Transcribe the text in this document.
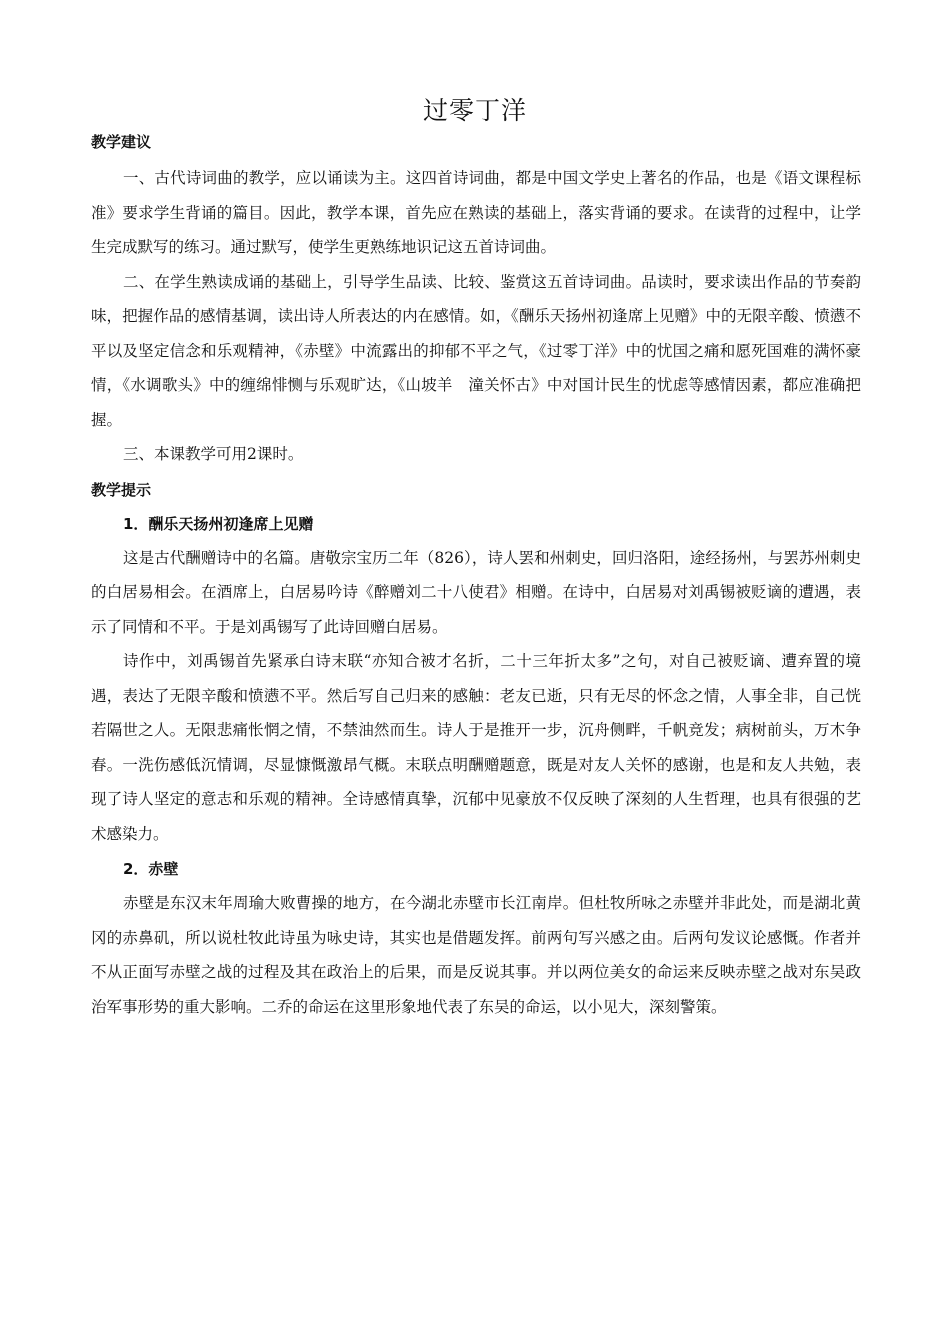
过零丁洋

教学建议

一、古代诗词曲的教学，应以诵读为主。这四首诗词曲，都是中国文学史上著名的作品，也是《语文课程标准》要求学生背诵的篇目。因此，教学本课，首先应在熟读的基础上，落实背诵的要求。在读背的过程中，让学生完成默写的练习。通过默写，使学生更熟练地识记这五首诗词曲。

二、在学生熟读成诵的基础上，引导学生品读、比较、鉴赏这五首诗词曲。品读时，要求读出作品的节奏韵味，把握作品的感情基调，读出诗人所表达的内在感情。如，《酬乐天扬州初逢席上见赠》中的无限辛酸、愤懑不平以及坚定信念和乐观精神，《赤壁》中流露出的抑郁不平之气，《过零丁洋》中的忧国之痛和愿死国难的满怀豪情，《水调歌头》中的缠绵悱恻与乐观旷达，《山坡羊　潼关怀古》中对国计民生的忧虑等感情因素，都应准确把握。

三、本课教学可用2课时。

教学提示

1．酬乐天扬州初逢席上见赠

这是古代酬赠诗中的名篇。唐敬宗宝历二年（826），诗人罢和州刺史，回归洛阳，途经扬州，与罢苏州刺史的白居易相会。在酒席上，白居易吟诗《醉赠刘二十八使君》相赠。在诗中，白居易对刘禹锡被贬谪的遭遇，表示了同情和不平。于是刘禹锡写了此诗回赠白居易。

诗作中，刘禹锡首先紧承白诗末联“亦知合被才名折，二十三年折太多”之句，对自己被贬谪、遭弃置的境遇，表达了无限辛酸和愤懑不平。然后写自己归来的感触：老友已逝，只有无尽的怀念之情，人事全非，自己恍若隔世之人。无限悲痛怅惘之情，不禁油然而生。诗人于是推开一步，沉舟侧畔，千帆竞发；病树前头，万木争春。一洗伤感低沉情调，尽显慷慨激昂气概。末联点明酬赠题意，既是对友人关怀的感谢，也是和友人共勉，表现了诗人坚定的意志和乐观的精神。全诗感情真挚，沉郁中见豪放不仅反映了深刻的人生哲理，也具有很强的艺术感染力。

2．赤壁

赤壁是东汉末年周瑜大败曹操的地方，在今湖北赤壁市长江南岸。但杜牧所咏之赤壁并非此处，而是湖北黄冈的赤鼻矶，所以说杜牧此诗虽为咏史诗，其实也是借题发挥。前两句写兴感之由。后两句发议论感慨。作者并不从正面写赤壁之战的过程及其在政治上的后果，而是反说其事。并以两位美女的命运来反映赤壁之战对东吴政治军事形势的重大影响。二乔的命运在这里形象地代表了东吴的命运，以小见大，深刻警策。
